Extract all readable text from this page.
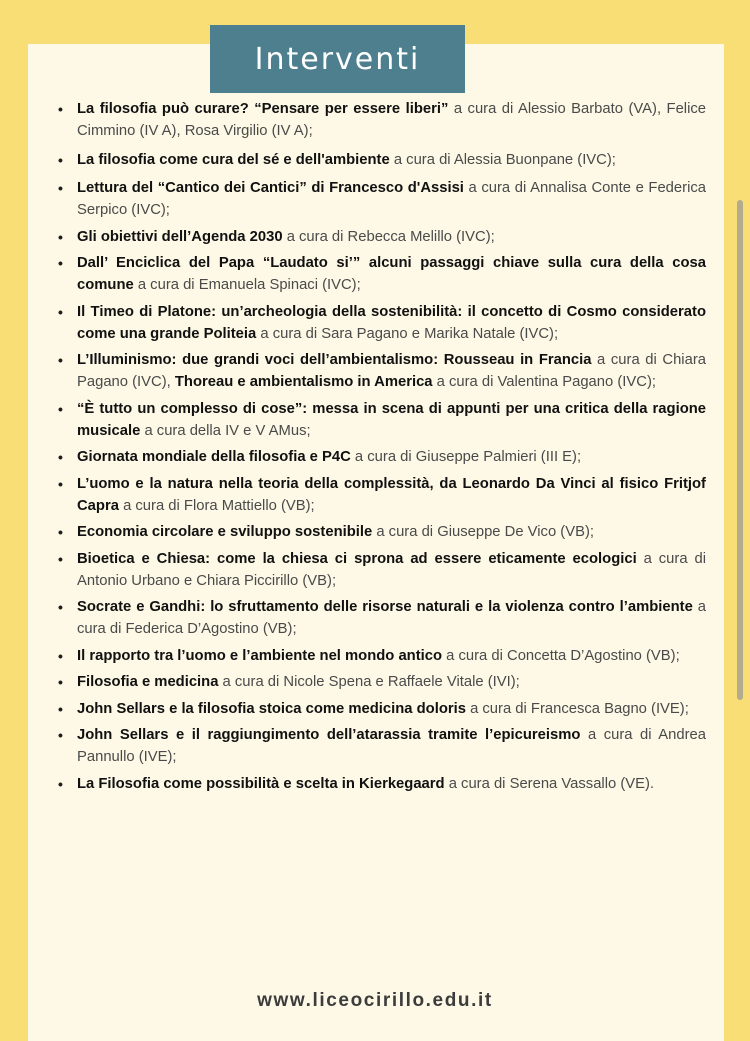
Interventi
• La filosofia può curare? “Pensare per essere liberi” a cura di Alessio Barbato (VA), Felice Cimmino (IV A), Rosa Virgilio (IV A);
• La filosofia come cura del sé e dell'ambiente a cura di Alessia Buonpane (IVC);
• Lettura del “Cantico dei Cantici” di Francesco d'Assisi a cura di Annalisa Conte e Federica Serpico (IVC);
• Gli obiettivi dell’Agenda 2030 a cura di Rebecca Melillo (IVC);
• Dall’ Enciclica del Papa “Laudato si’” alcuni passaggi chiave sulla cura della cosa comune a cura di Emanuela Spinaci (IVC);
• Il Timeo di Platone: un’archeologia della sostenibilità: il concetto di Cosmo considerato come una grande Politeia a cura di Sara Pagano e Marika Natale (IVC);
• L’Illuminismo: due grandi voci dell’ambientalismo: Rousseau in Francia a cura di Chiara Pagano (IVC), Thoreau e ambientalismo in America a cura di Valentina Pagano (IVC);
• “È tutto un complesso di cose”: messa in scena di appunti per una critica della ragione musicale a cura della IV e V AMus;
• Giornata mondiale della filosofia e P4C a cura di Giuseppe Palmieri (III E);
• L’uomo e la natura nella teoria della complessità, da Leonardo Da Vinci al fisico Fritjof Capra a cura di Flora Mattiello (VB);
• Economia circolare e sviluppo sostenibile a cura di Giuseppe De Vico (VB);
• Bioetica e Chiesa: come la chiesa ci sprona ad essere eticamente ecologici a cura di Antonio Urbano e Chiara Piccirillo (VB);
• Socrate e Gandhi: lo sfruttamento delle risorse naturali e la violenza contro l’ambiente a cura di Federica D’Agostino (VB);
• Il rapporto tra l’uomo e l’ambiente nel mondo antico a cura di Concetta D’Agostino (VB);
• Filosofia e medicina a cura di Nicole Spena e Raffaele Vitale (IVI);
• John Sellars e la filosofia stoica come medicina doloris a cura di Francesca Bagno (IVE);
• John Sellars e il raggiungimento dell’atarassia tramite l’epicureismo a cura di Andrea Pannullo (IVE);
• La Filosofia come possibilità e scelta in Kierkegaard a cura di Serena Vassallo (VE).
www.liceocirillo.edu.it
